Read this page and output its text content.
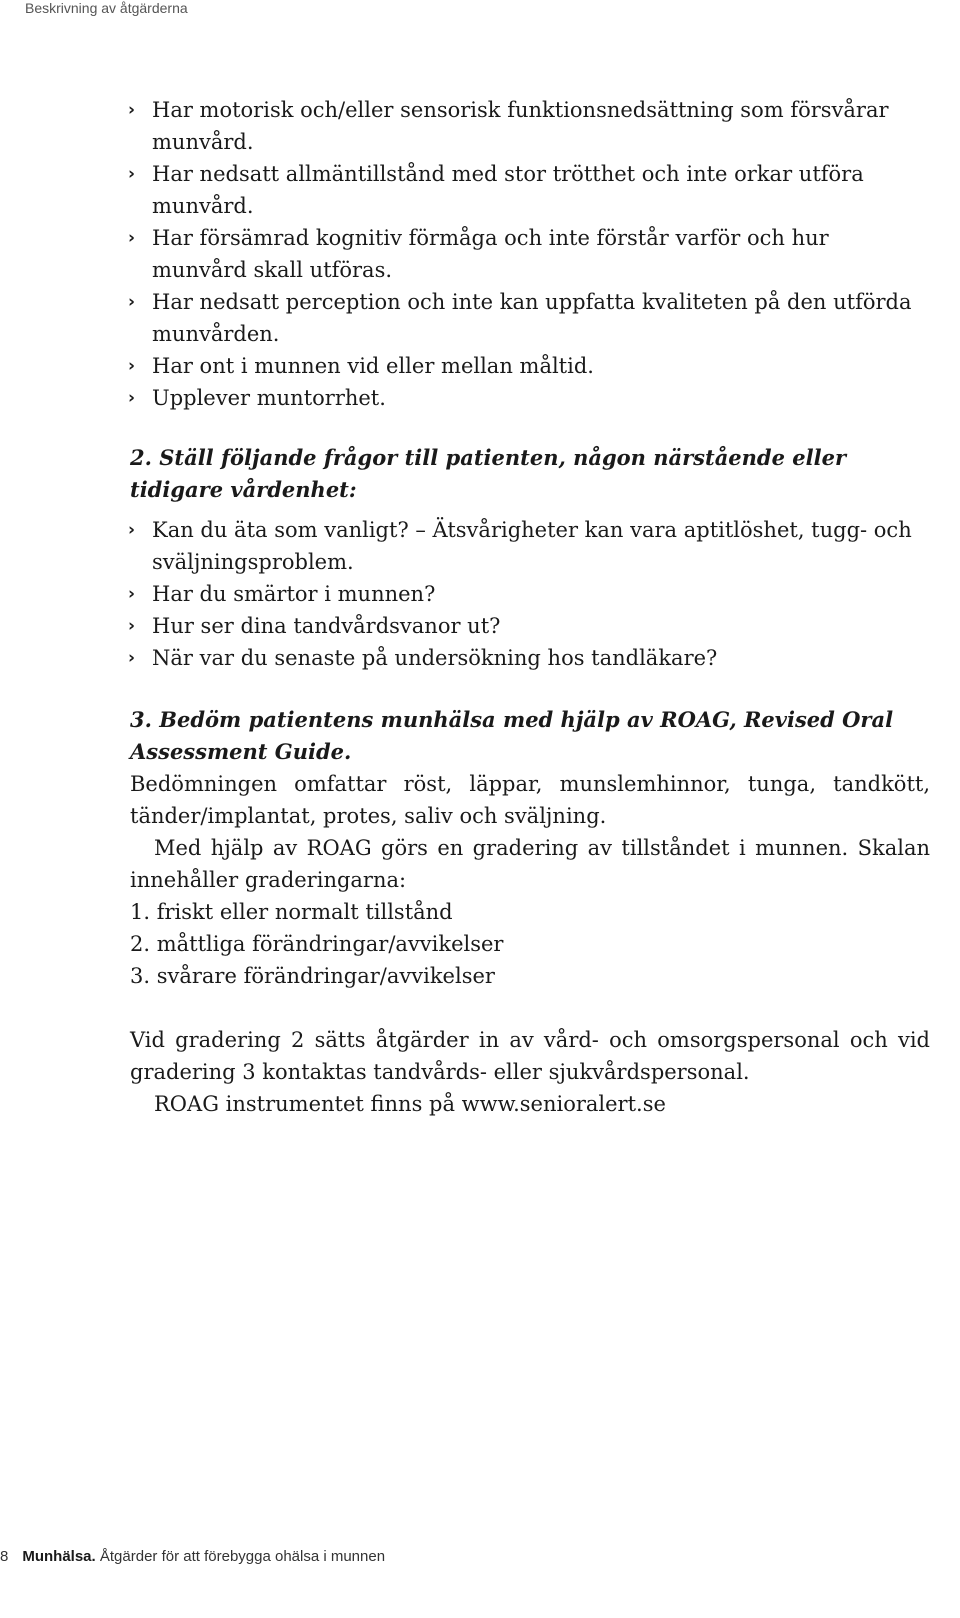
Beskrivning av åtgärderna
› Har motorisk och/eller sensorisk funktionsnedsättning som försvårar munvård.
› Har nedsatt allmäntillstånd med stor trötthet och inte orkar utföra munvård.
› Har försämrad kognitiv förmåga och inte förstår varför och hur munvård skall utföras.
› Har nedsatt perception och inte kan uppfatta kvaliteten på den utförda munvården.
› Har ont i munnen vid eller mellan måltid.
› Upplever muntorrhet.
2. Ställ följande frågor till patienten, någon närstående eller tidigare vårdenhet:
› Kan du äta som vanligt? – Ätsvårigheter kan vara aptitlöshet, tugg- och sväljningsproblem.
› Har du smärtor i munnen?
› Hur ser dina tandvårdsvanor ut?
› När var du senaste på undersökning hos tandläkare?
3. Bedöm patientens munhälsa med hjälp av ROAG, Revised Oral Assessment Guide.

Bedömningen omfattar röst, läppar, munslemhinnor, tunga, tandkött, tänder/implantat, protes, saliv och sväljning.

Med hjälp av ROAG görs en gradering av tillståndet i munnen. Skalan innehåller graderingarna:

1. friskt eller normalt tillstånd
2. måttliga förändringar/avvikelser
3. svårare förändringar/avvikelser

Vid gradering 2 sätts åtgärder in av vård- och omsorgspersonal och vid gradering 3 kontaktas tandvårds- eller sjukvårdspersonal.

ROAG instrumentet finns på www.senioralert.se

8 Munhälsa. Åtgärder för att förebygga ohälsa i munnen
